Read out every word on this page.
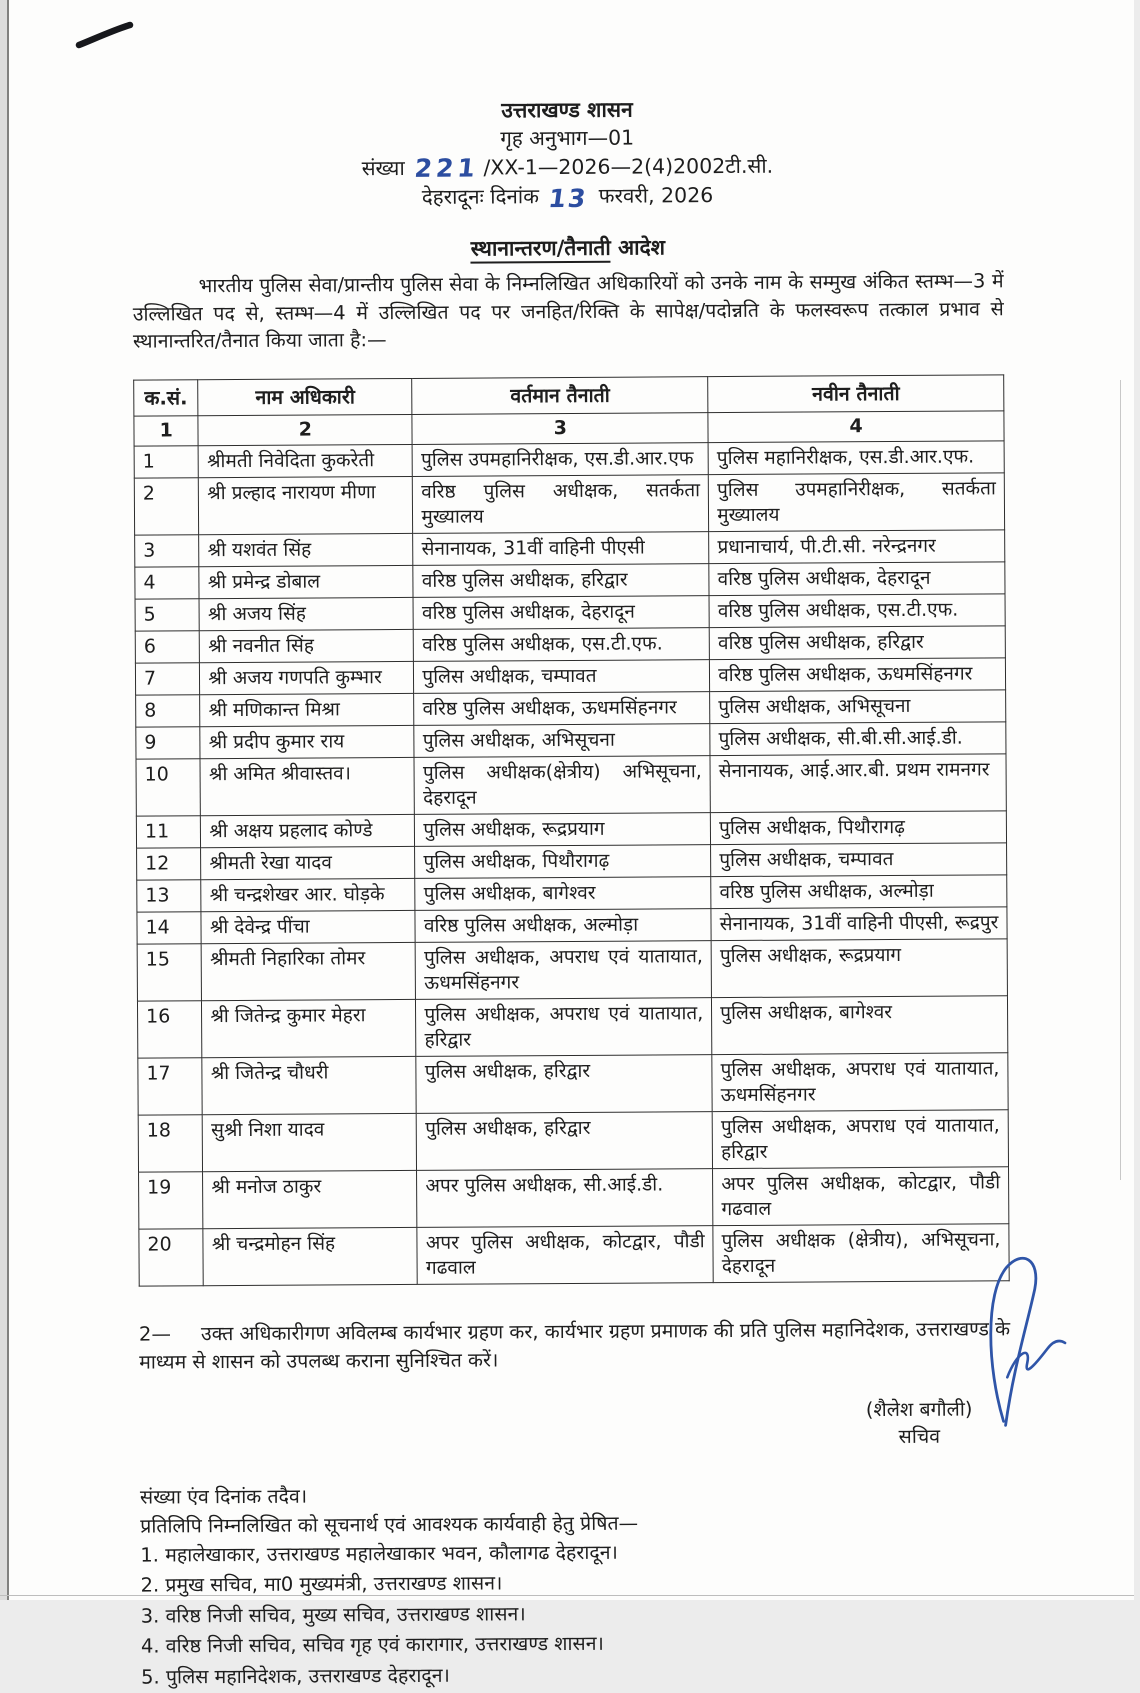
उत्तराखण्ड शासन
गृह अनुभाग—01
संख्या 221 /XX-1—2026—2(4)2002टी.सी.
देहरादूनः दिनांक 13 फरवरी, 2026
स्थानान्तरण/तैनाती आदेश
भारतीय पुलिस सेवा/प्रान्तीय पुलिस सेवा के निम्नलिखित अधिकारियों को उनके नाम के सम्मुख अंकित स्तम्भ—3 में उल्लिखित पद से, स्तम्भ—4 में उल्लिखित पद पर जनहित/रिक्ति के सापेक्ष/पदोन्नति के फलस्वरूप तत्काल प्रभाव से स्थानान्तरित/तैनात किया जाता है:—
क.सं.	नाम अधिकारी	वर्तमान तैनाती	नवीन तैनाती
1	2	3	4
1	श्रीमती निवेदिता कुकरेती	पुलिस उपमहानिरीक्षक, एस.डी.आर.एफ	पुलिस महानिरीक्षक, एस.डी.आर.एफ.
2	श्री प्रल्हाद नारायण मीणा	वरिष्ठ पुलिस अधीक्षक, सतर्कता मुख्यालय	पुलिस उपमहानिरीक्षक, सतर्कता मुख्यालय
3	श्री यशवंत सिंह	सेनानायक, 31वीं वाहिनी पीएसी	प्रधानाचार्य, पी.टी.सी. नरेन्द्रनगर
4	श्री प्रमेन्द्र डोबाल	वरिष्ठ पुलिस अधीक्षक, हरिद्वार	वरिष्ठ पुलिस अधीक्षक, देहरादून
5	श्री अजय सिंह	वरिष्ठ पुलिस अधीक्षक, देहरादून	वरिष्ठ पुलिस अधीक्षक, एस.टी.एफ.
6	श्री नवनीत सिंह	वरिष्ठ पुलिस अधीक्षक, एस.टी.एफ.	वरिष्ठ पुलिस अधीक्षक, हरिद्वार
7	श्री अजय गणपति कुम्भार	पुलिस अधीक्षक, चम्पावत	वरिष्ठ पुलिस अधीक्षक, ऊधमसिंहनगर
8	श्री मणिकान्त मिश्रा	वरिष्ठ पुलिस अधीक्षक, ऊधमसिंहनगर	पुलिस अधीक्षक, अभिसूचना
9	श्री प्रदीप कुमार राय	पुलिस अधीक्षक, अभिसूचना	पुलिस अधीक्षक, सी.बी.सी.आई.डी.
10	श्री अमित श्रीवास्तव।	पुलिस अधीक्षक(क्षेत्रीय) अभिसूचना, देहरादून	सेनानायक, आई.आर.बी. प्रथम रामनगर
11	श्री अक्षय प्रहलाद कोण्डे	पुलिस अधीक्षक, रूद्रप्रयाग	पुलिस अधीक्षक, पिथौरागढ़
12	श्रीमती रेखा यादव	पुलिस अधीक्षक, पिथौरागढ़	पुलिस अधीक्षक, चम्पावत
13	श्री चन्द्रशेखर आर. घोड़के	पुलिस अधीक्षक, बागेश्वर	वरिष्ठ पुलिस अधीक्षक, अल्मोड़ा
14	श्री देवेन्द्र पींचा	वरिष्ठ पुलिस अधीक्षक, अल्मोड़ा	सेनानायक, 31वीं वाहिनी पीएसी, रूद्रपुर
15	श्रीमती निहारिका तोमर	पुलिस अधीक्षक, अपराध एवं यातायात, ऊधमसिंहनगर	पुलिस अधीक्षक, रूद्रप्रयाग
16	श्री जितेन्द्र कुमार मेहरा	पुलिस अधीक्षक, अपराध एवं यातायात, हरिद्वार	पुलिस अधीक्षक, बागेश्वर
17	श्री जितेन्द्र चौधरी	पुलिस अधीक्षक, हरिद्वार	पुलिस अधीक्षक, अपराध एवं यातायात, ऊधमसिंहनगर
18	सुश्री निशा यादव	पुलिस अधीक्षक, हरिद्वार	पुलिस अधीक्षक, अपराध एवं यातायात, हरिद्वार
19	श्री मनोज ठाकुर	अपर पुलिस अधीक्षक, सी.आई.डी.	अपर पुलिस अधीक्षक, कोटद्वार, पौडी गढवाल
20	श्री चन्द्रमोहन सिंह	अपर पुलिस अधीक्षक, कोटद्वार, पौडी गढवाल	पुलिस अधीक्षक (क्षेत्रीय), अभिसूचना, देहरादून
2— उक्त अधिकारीगण अविलम्ब कार्यभार ग्रहण कर, कार्यभार ग्रहण प्रमाणक की प्रति पुलिस महानिदेशक, उत्तराखण्ड के माध्यम से शासन को उपलब्ध कराना सुनिश्चित करें।
(शैलेश बगौली)
सचिव
संख्या एंव दिनांक तदैव।
प्रतिलिपि निम्नलिखित को सूचनार्थ एवं आवश्यक कार्यवाही हेतु प्रेषित—
1. महालेखाकार, उत्तराखण्ड महालेखाकार भवन, कौलागढ देहरादून।
2. प्रमुख सचिव, मा0 मुख्यमंत्री, उत्तराखण्ड शासन।
3. वरिष्ठ निजी सचिव, मुख्य सचिव, उत्तराखण्ड शासन।
4. वरिष्ठ निजी सचिव, सचिव गृह एवं कारागार, उत्तराखण्ड शासन।
5. पुलिस महानिदेशक, उत्तराखण्ड देहरादून।
